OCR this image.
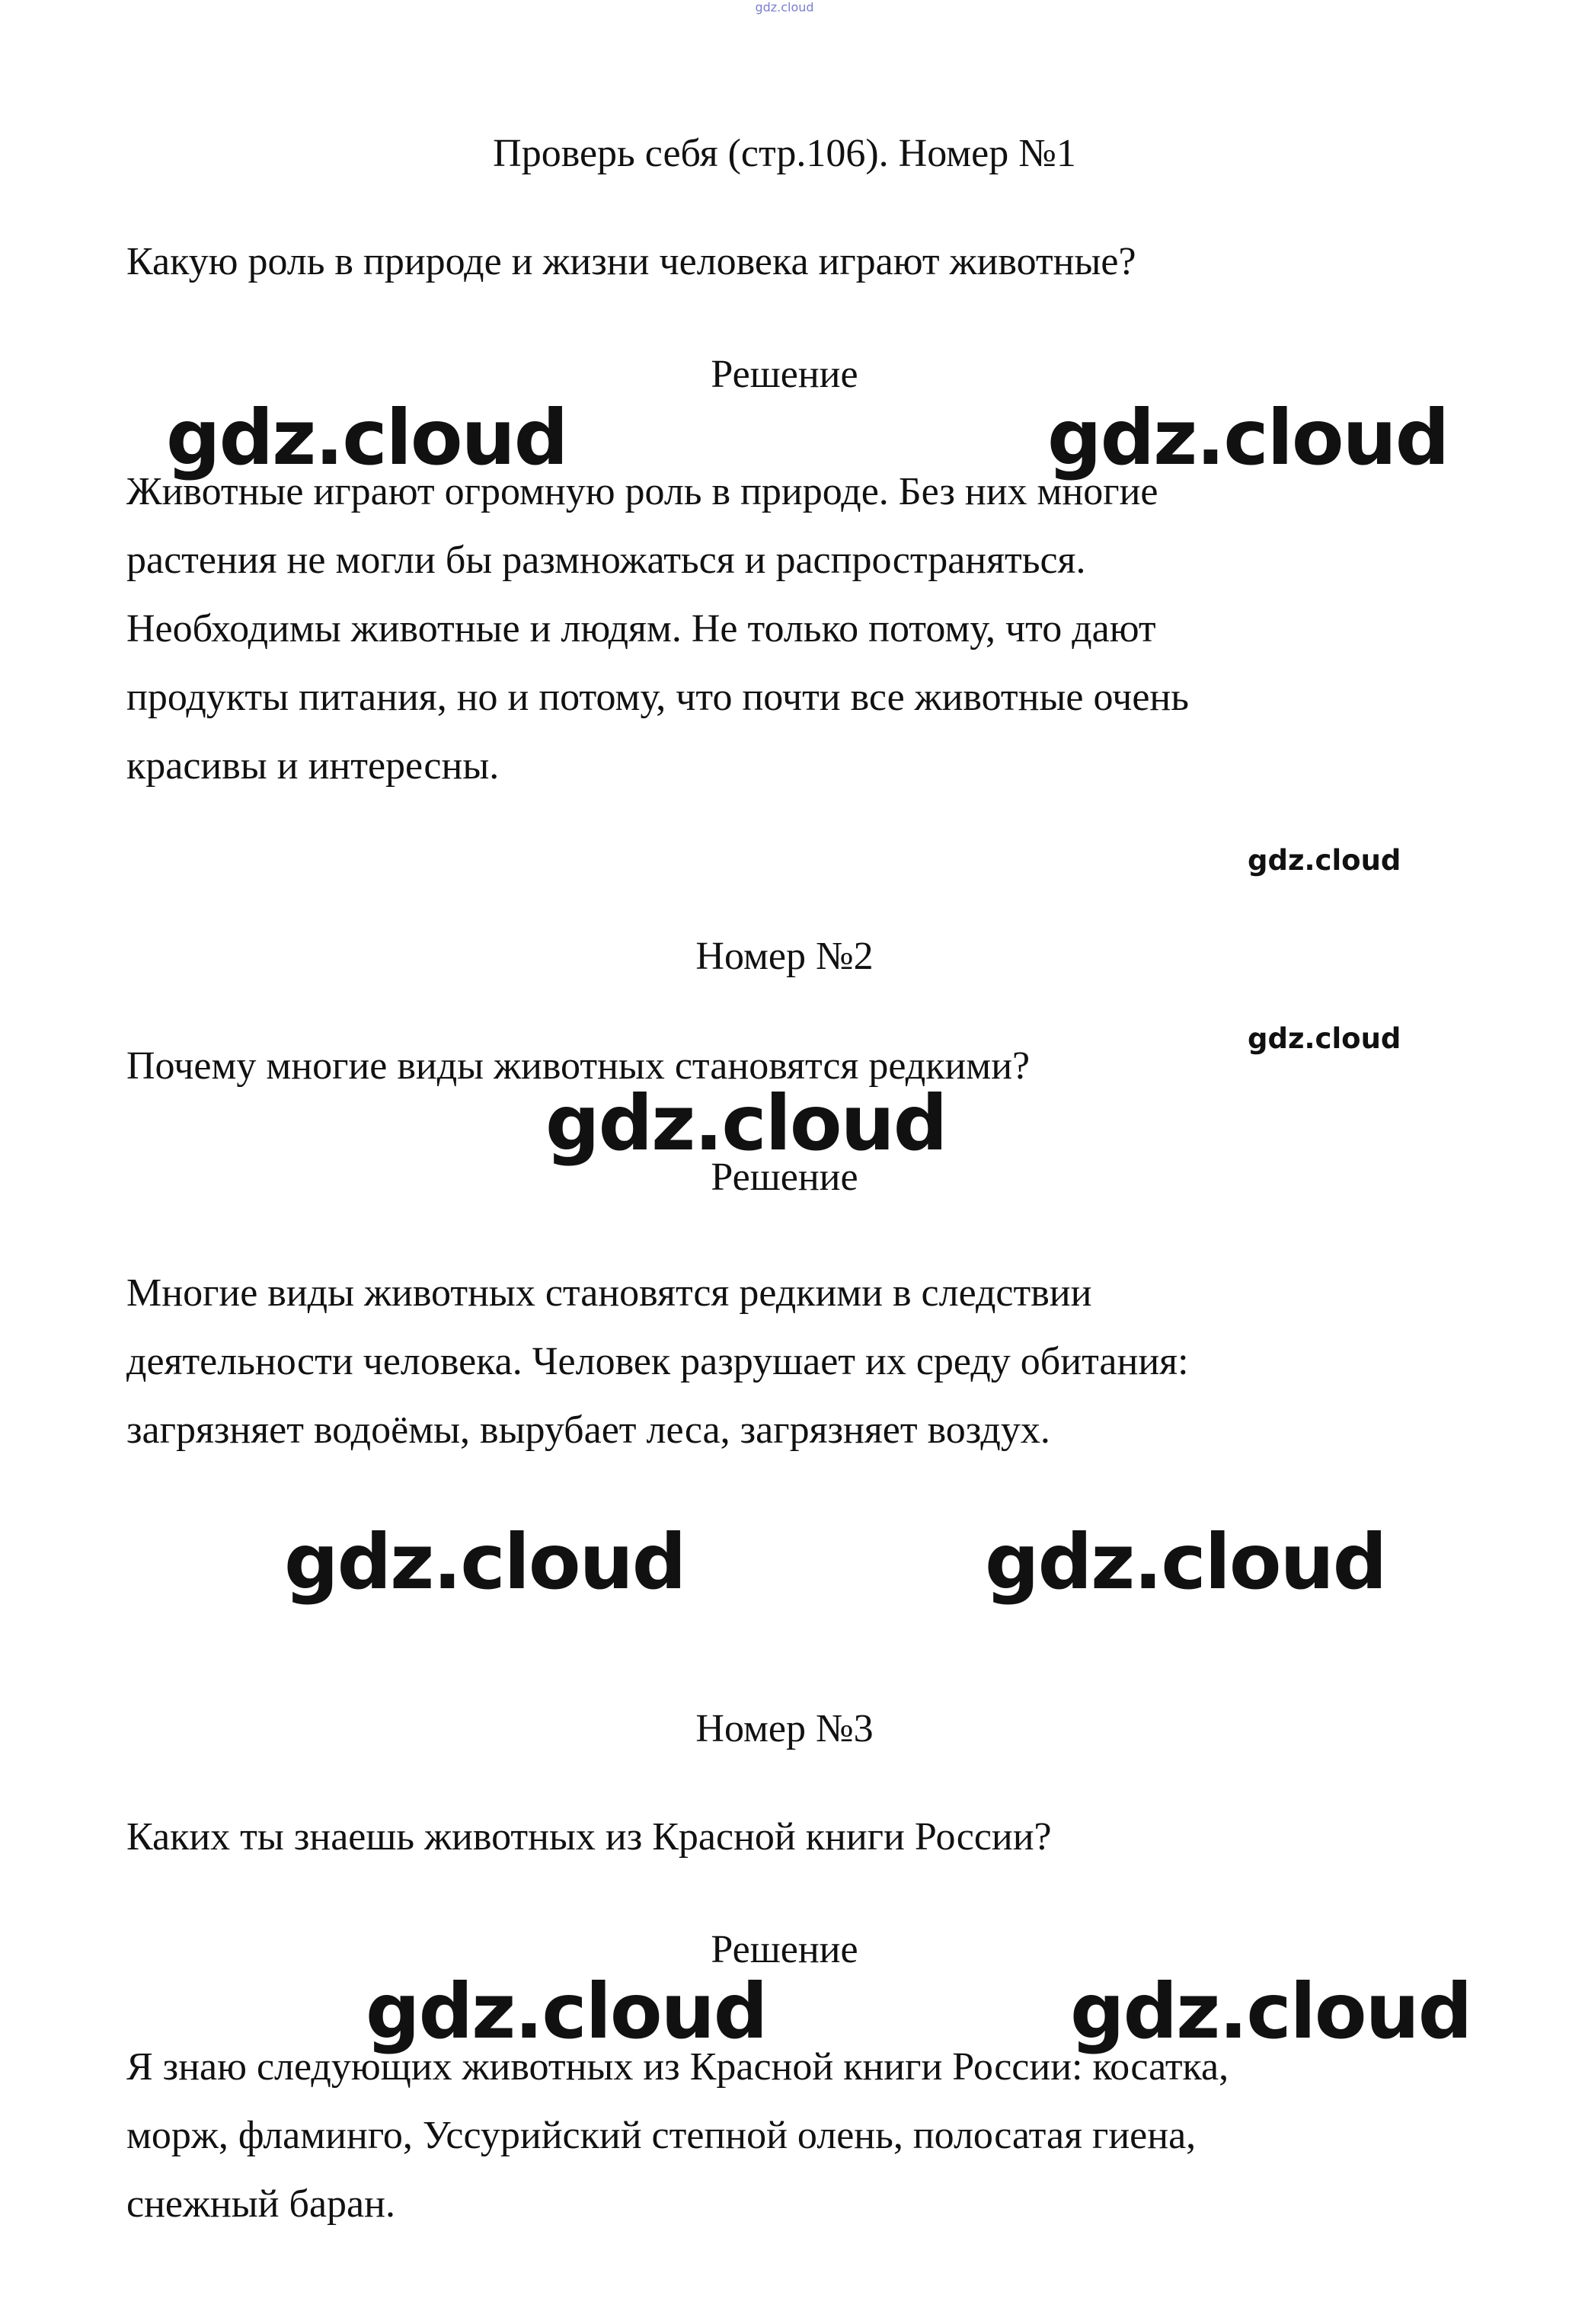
gdz.cloud
Проверь себя (стр.106). Номер №1
Какую роль в природе и жизни человека играют животные?
Решение
Животные играют огромную роль в природе. Без них многие
растения не могли бы размножаться и распространяться.
Необходимы животные и людям. Не только потому, что дают
продукты питания, но и потому, что почти все животные очень
красивы и интересны.
Номер №2
Почему многие виды животных становятся редкими?
Решение
Многие виды животных становятся редкими в следствии
деятельности человека. Человек разрушает их среду обитания:
загрязняет водоёмы, вырубает леса, загрязняет воздух.
Номер №3
Каких ты знаешь животных из Красной книги России?
Решение
Я знаю следующих животных из Красной книги России: косатка,
морж, фламинго, Уссурийский степной олень, полосатая гиена,
снежный баран.
gdz.cloud	gdz.cloud
gdz.cloud
gdz.cloud
gdz.cloud
gdz.cloud	gdz.cloud
gdz.cloud	gdz.cloud
